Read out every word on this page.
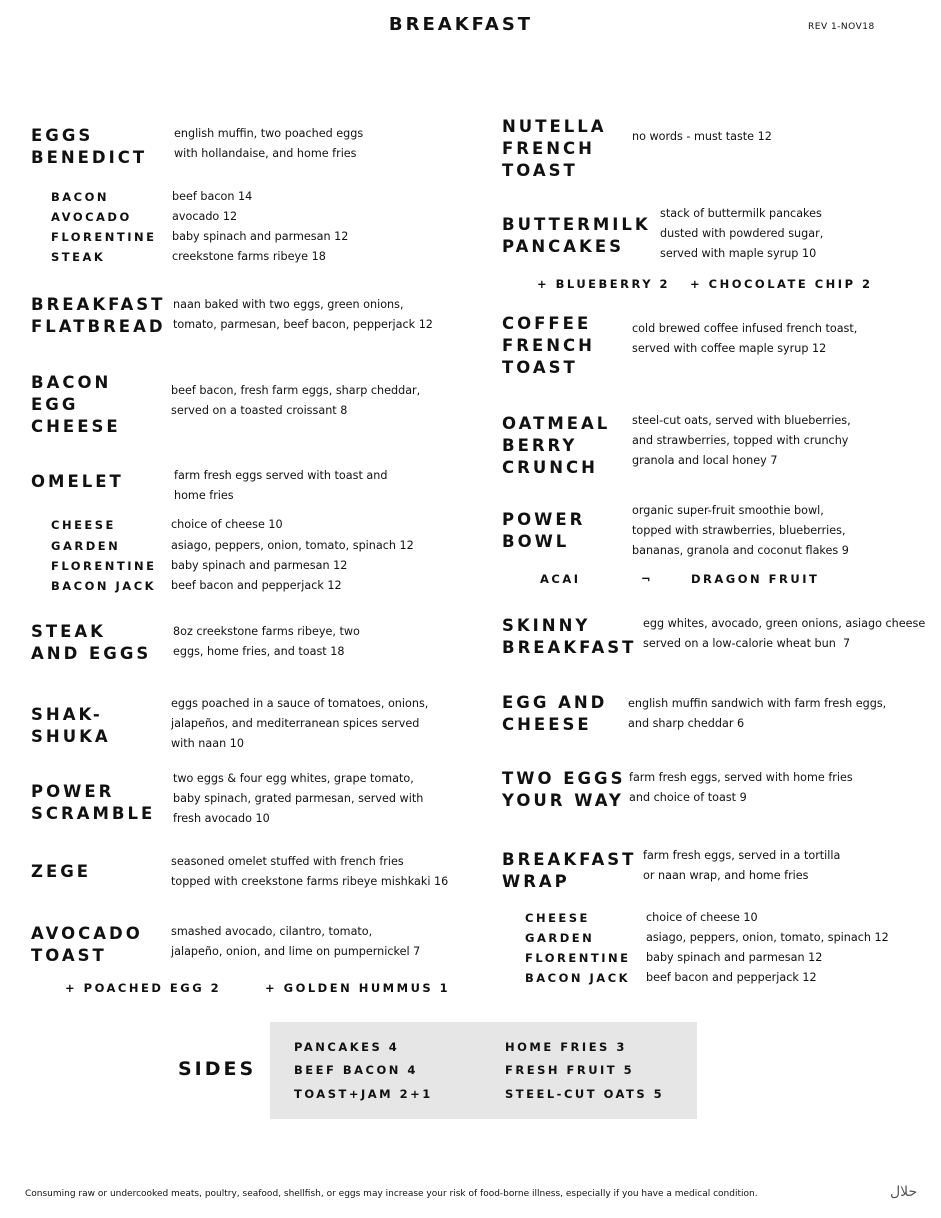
BREAKFAST	REV 1-NOV18
EGGS
BENEDICT
english muffin, two poached eggs
with hollandaise, and home fries
BACON	beef bacon 14
AVOCADO	avocado 12
FLORENTINE baby spinach and parmesan 12
STEAK	creekstone farms ribeye 18
BREAKFAST
FLATBREAD
naan baked with two eggs, green onions,
tomato, parmesan, beef bacon, pepperjack 12
BACON
EGG
CHEESE
beef bacon, fresh farm eggs, sharp cheddar,
served on a toasted croissant 8
OMELET	farm fresh eggs served with toast and
home fries
CHEESE	choice of cheese 10
GARDEN	asiago, peppers, onion, tomato, spinach 12
FLORENTINE baby spinach and parmesan 12
BACON JACK beef bacon and pepperjack 12
STEAK
AND EGGS
8oz creekstone farms ribeye, two
eggs, home fries, and toast 18
SHAK-
SHUKA
eggs poached in a sauce of tomatoes, onions,
jalapeños, and mediterranean spices served
with naan 10
POWER
SCRAMBLE
two eggs & four egg whites, grape tomato,
baby spinach, grated parmesan, served with
fresh avocado 10
ZEGE
seasoned omelet stuffed with french fries
topped with creekstone farms ribeye mishkaki 16
AVOCADO
TOAST
smashed avocado, cilantro, tomato,
jalapeño, onion, and lime on pumpernickel 7
+ POACHED EGG 2	+ GOLDEN HUMMUS 1
NUTELLA
FRENCH
TOAST
no words - must taste 12
BUTTERMILK
PANCAKES
stack of buttermilk pancakes
dusted with powdered sugar,
served with maple syrup 10
+ BLUEBERRY 2 + CHOCOLATE CHIP 2
COFFEE
FRENCH
TOAST
cold brewed coffee infused french toast,
served with coffee maple syrup 12
OATMEAL
BERRY
CRUNCH
steel-cut oats, served with blueberries,
and strawberries, topped with crunchy
granola and local honey 7
POWER
BOWL
organic super-fruit smoothie bowl,
topped with strawberries, blueberries,
bananas, granola and coconut flakes 9
ACAI	¬	DRAGON FRUIT
SKINNY
BREAKFAST
egg whites, avocado, green onions, asiago cheese
served on a low-calorie wheat bun  7
EGG AND
CHEESE
english muffin sandwich with farm fresh eggs,
and sharp cheddar 6
TWO EGGS
YOUR WAY
farm fresh eggs, served with home fries
and choice of toast 9
BREAKFAST
WRAP
farm fresh eggs, served in a tortilla
or naan wrap, and home fries
CHEESE	choice of cheese 10
GARDEN	asiago, peppers, onion, tomato, spinach 12
FLORENTINE baby spinach and parmesan 12
BACON JACK beef bacon and pepperjack 12
SIDES
PANCAKES 4
BEEF BACON 4
TOAST+JAM 2+1
HOME FRIES 3
FRESH FRUIT 5
STEEL-CUT OATS 5
Consuming raw or undercooked meats, poultry, seafood, shellfish, or eggs may increase your risk of food-borne illness, especially if you have a medical condition.	حلال
